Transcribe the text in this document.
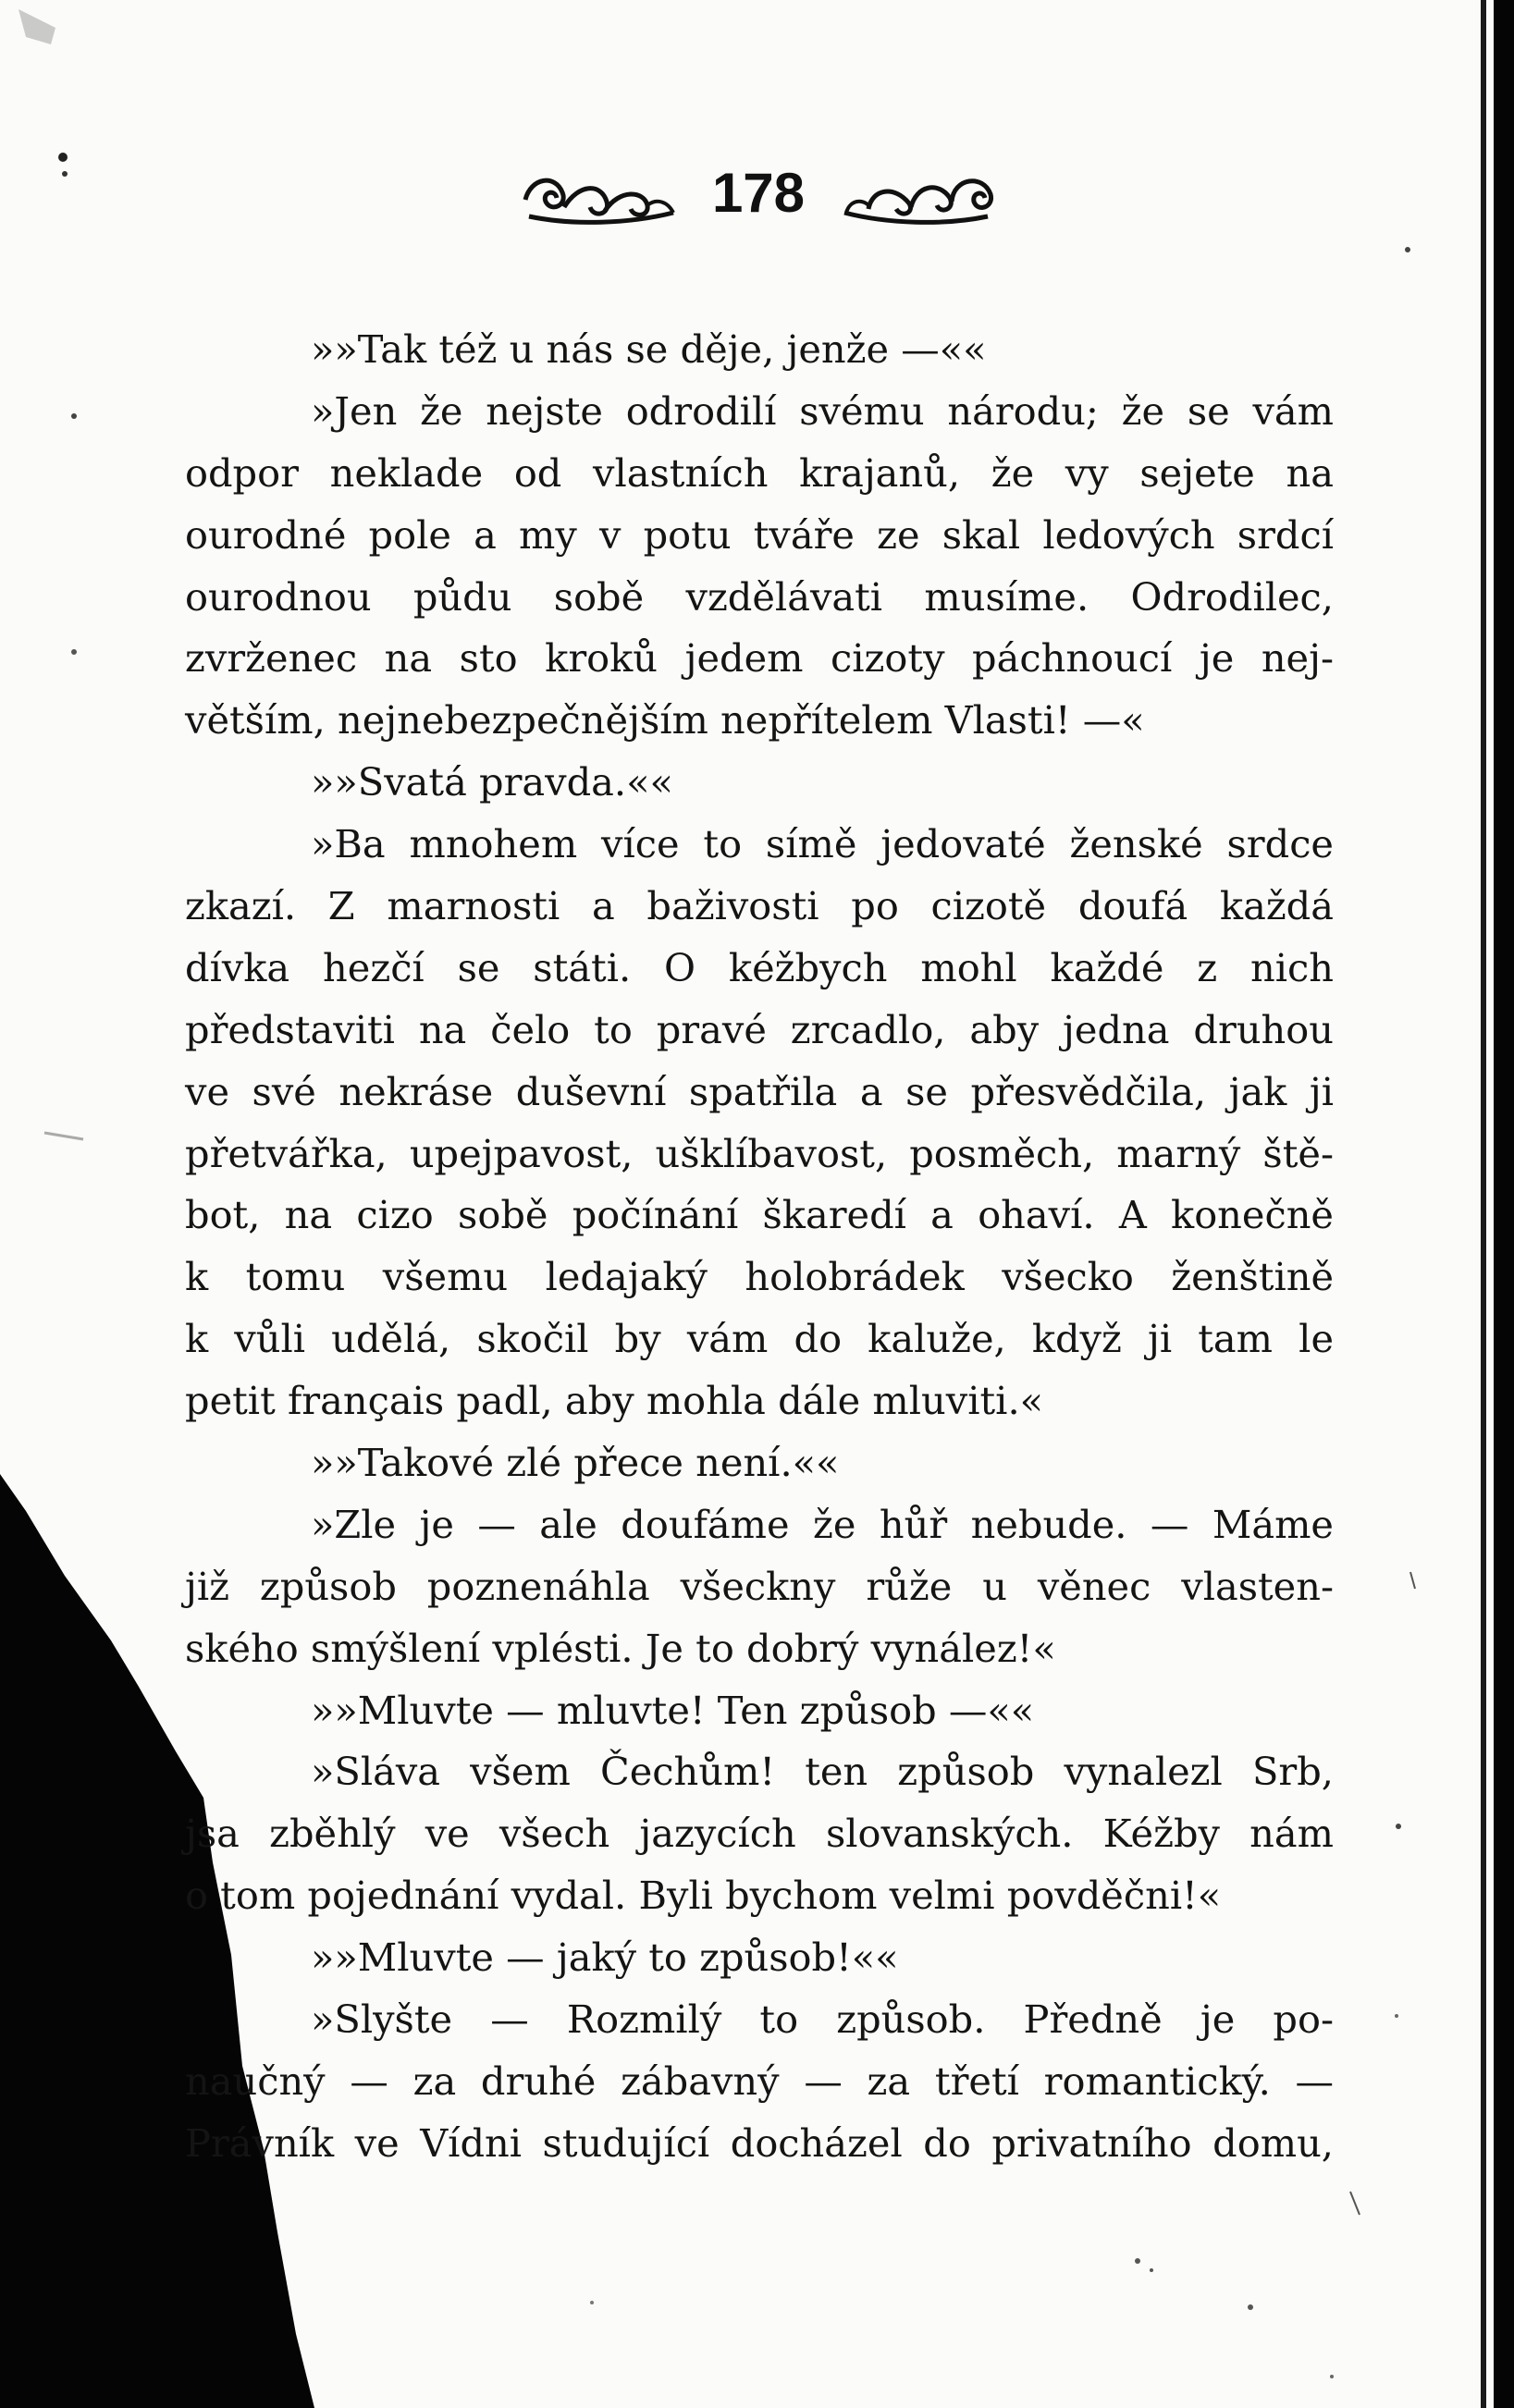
178
»»Tak též u nás se děje, jenže —««
»Jen že nejste odrodilí svému národu; že se vám
odpor neklade od vlastních krajanů, že vy sejete na
ourodné pole a my v potu tváře ze skal ledových srdcí
ourodnou půdu sobě vzdělávati musíme. Odrodilec,
zvrženec na sto kroků jedem cizoty páchnoucí je nej-
větším, nejnebezpečnějším nepřítelem Vlasti! —«
»»Svatá pravda.««
»Ba mnohem více to símě jedovaté ženské srdce
zkazí. Z marnosti a baživosti po cizotě doufá každá
dívka hezčí se státi. O kéžbych mohl každé z nich
představiti na čelo to pravé zrcadlo, aby jedna druhou
ve své nekráse duševní spatřila a se přesvědčila, jak ji
přetvářka, upejpavost, ušklíbavost, posměch, marný ště-
bot, na cizo sobě počínání škaredí a ohaví. A konečně
k tomu všemu ledajaký holobrádek všecko ženštině
k vůli udělá, skočil by vám do kaluže, když ji tam le
petit français padl, aby mohla dále mluviti.«
»»Takové zlé přece není.««
»Zle je — ale doufáme že hůř nebude. — Máme
již způsob poznenáhla všeckny růže u věnec vlasten-
ského smýšlení vplésti. Je to dobrý vynález!«
»»Mluvte — mluvte! Ten způsob —««
»Sláva všem Čechům! ten způsob vynalezl Srb,
jsa zběhlý ve všech jazycích slovanských. Kéžby nám
o tom pojednání vydal. Byli bychom velmi povděčni!«
»»Mluvte — jaký to způsob!««
»Slyšte — Rozmilý to způsob. Předně je po-
naučný — za druhé zábavný — za třetí romantický. —
Právník ve Vídni studující docházel do privatního domu,
